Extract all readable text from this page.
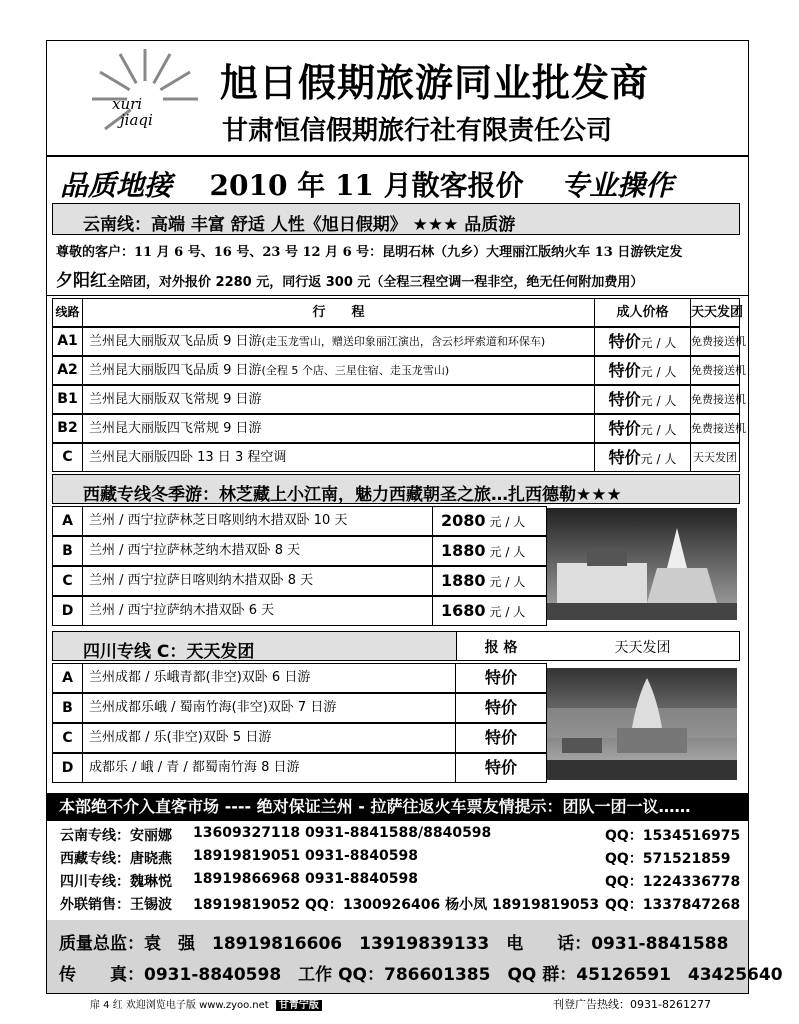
xuri
jiaqi
旭日假期旅游同业批发商
甘肃恒信假期旅行社有限责任公司
品质地接 2010 年 11 月散客报价 专业操作
云南线：高端 丰富 舒适 人性《旭日假期》 ★★★ 品质游
尊敬的客户：11 月 6 号、16 号、23 号 12 月 6 号：昆明石林（九乡）大理丽江版纳火车 13 日游铁定发
夕阳红全陪团，对外报价 2280 元，同行返 300 元（全程三程空调一程非空，绝无任何附加费用）
线路	行　　程	成人价格	天天发团
A1 兰州昆大丽版双飞品质 9 日游(走玉龙雪山，赠送印象丽江演出，含云杉坪索道和环保车)	特价元 / 人	免费接送机
A2 兰州昆大丽版四飞品质 9 日游(全程 5 个店、三星住宿、走玉龙雪山)	特价元 / 人	免费接送机
B1 兰州昆大丽版双飞常规 9 日游	特价元 / 人	免费接送机
B2 兰州昆大丽版四飞常规 9 日游	特价元 / 人	免费接送机
C	兰州昆大丽版四卧 13 日 3 程空调	特价元 / 人	天天发团
西藏专线冬季游：林芝藏上小江南，魅力西藏朝圣之旅…扎西德勒★★★
A	兰州 / 西宁拉萨林芝日喀则纳木措双卧 10 天	2080 元 / 人
B	兰州 / 西宁拉萨林芝纳木措双卧 8 天	1880 元 / 人
C	兰州 / 西宁拉萨日喀则纳木措双卧 8 天	1880 元 / 人
D	兰州 / 西宁拉萨纳木措双卧 6 天	1680 元 / 人
四川专线 C：天天发团	报 格	天天发团
A	兰州成都 / 乐峨青都(非空)双卧 6 日游	特价
B	兰州成都乐峨 / 蜀南竹海(非空)双卧 7 日游	特价
C	兰州成都 / 乐(非空)双卧 5 日游	特价
D	成都乐 / 峨 / 青 / 都蜀南竹海 8 日游	特价
本部绝不介入直客市场 ---- 绝对保证兰州 - 拉萨往返火车票友情提示：团队一团一议……
云南专线：安丽娜 13609327118 0931-8841588/8840598	QQ：1534516975
西藏专线：唐晓燕 18919819051 0931-8840598	QQ：571521859
四川专线：魏琳悦 18919866968 0931-8840598	QQ：1224336778
外联销售：王锡波 18919819052 QQ：1300926406 杨小凤 18919819053 QQ：1337847268
质量总监：袁　强　18919816606　13919839133　电　　话：0931-8841588
传　　真：0931-8840598　工作 QQ：786601385　QQ 群：45126591　43425640
扉 4 红 欢迎浏览电子版 www.zyoo.net 甘青宁版	刊登广告热线：0931-8261277
